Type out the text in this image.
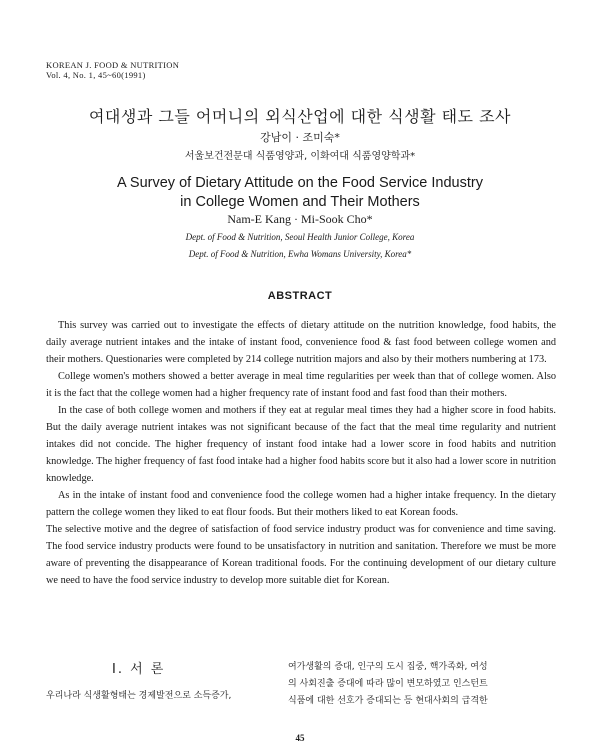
KOREAN J. FOOD & NUTRITION
Vol. 4, No. 1, 45~60(1991)
여대생과 그들 어머니의 외식산업에 대한 식생활 태도 조사
강남이 · 조미숙*
서울보건전문대 식품영양과, 이화여대 식품영양학과*
A Survey of Dietary Attitude on the Food Service Industry
in College Women and Their Mothers
Nam-E Kang · Mi-Sook Cho*
Dept. of Food & Nutrition, Seoul Health Junior College, Korea
Dept. of Food & Nutrition, Ewha Womans University, Korea*
ABSTRACT

This survey was carried out to investigate the effects of dietary attitude on the nutrition knowledge, food habits, the daily average nutrient intakes and the intake of instant food, convenience food & fast food between college women and their mothers. Questionaries were completed by 214 college nutrition majors and also by their mothers numbering at 173.

College women's mothers showed a better average in meal time regularities per week than that of college women. Also it is the fact that the college women had a higher frequency rate of instant food and fast food than their mothers.

In the case of both college women and mothers if they eat at regular meal times they had a higher score in food habits. But the daily average nutrient intakes was not significant because of the fact that the meal time regularity and nutrient intakes did not concide. The higher frequency of instant food intake had a lower score in food habits and nutrition knowledge. The higher frequency of fast food intake had a higher food habits score but it also had a lower score in nutrition knowledge.

As in the intake of instant food and convenience food the college women had a higher intake frequency. In the dietary pattern the college women they liked to eat flour foods. But their mothers liked to eat Korean foods.

The selective motive and the degree of satisfaction of food service industry product was for convenience and time saving. The food service industry products were found to be unsatisfactory in nutrition and sanitation. Therefore we must be more aware of preventing the disappearance of Korean traditional foods. For the continuing development of our dietary culture we need to have the food service industry to develop more suitable diet for Korean.

I. 서 론
우리나라 식생활형태는 경제발전으로 소득증가,
여가생활의 증대, 인구의 도시 집중, 핵가족화, 여성
의 사회진출 증대에 따라 많이 변모하였고 인스턴트
식품에 대한 선호가 증대되는 등 현대사회의 급격한
45
